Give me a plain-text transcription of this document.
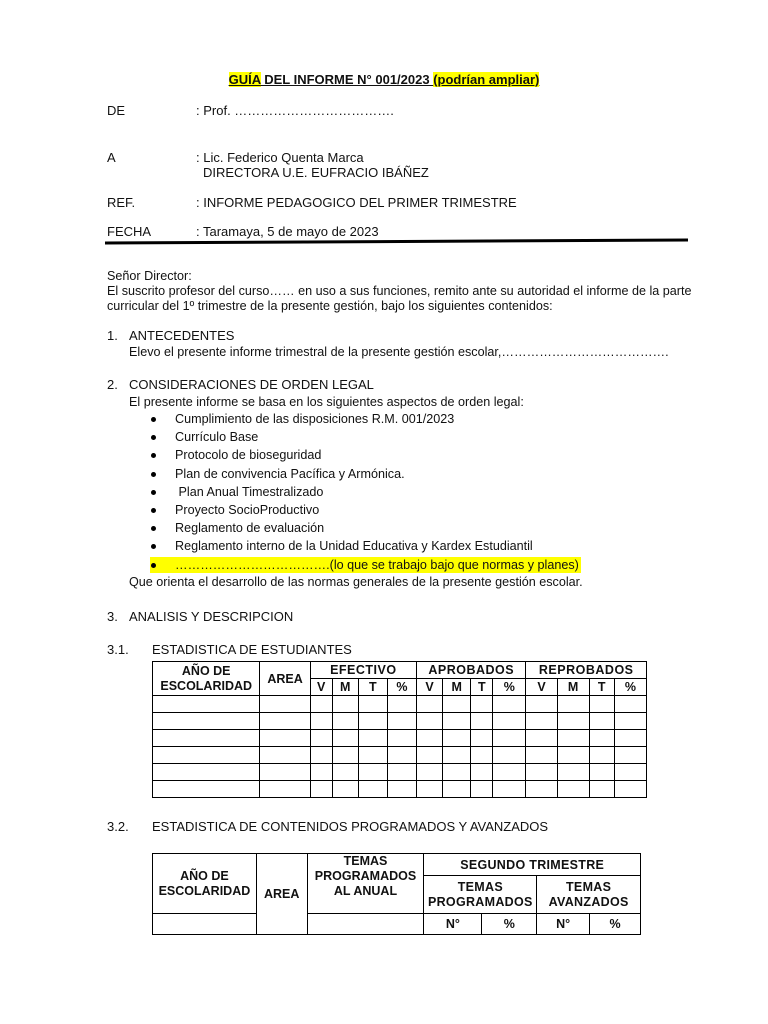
GUÍA DEL INFORME N° 001/2023 (podrían ampliar)
DE	: Prof. ……………………………….
A	: Lic. Federico Quenta Marca
DIRECTORA U.E. EUFRACIO IBÁÑEZ
REF.	: INFORME PEDAGOGICO DEL PRIMER TRIMESTRE
FECHA	: Taramaya, 5 de mayo de 2023
Señor Director:
El suscrito profesor del curso…… en uso a sus funciones, remito ante su autoridad el informe de la parte curricular del 1º trimestre de la presente gestión, bajo los siguientes contenidos:
1. ANTECEDENTES
Elevo el presente informe trimestral de la presente gestión escolar,………………………………….
2. CONSIDERACIONES DE ORDEN LEGAL
El presente informe se basa en los siguientes aspectos de orden legal:
Cumplimiento de las disposiciones R.M. 001/2023
Currículo Base
Protocolo de bioseguridad
Plan de convivencia Pacífica y Armónica.
Plan Anual Timestralizado
Proyecto SocioProductivo
Reglamento de evaluación
Reglamento interno de la Unidad Educativa y Kardex Estudiantil
……………………………….(lo que se trabajo bajo que normas y planes)
Que orienta el desarrollo de las normas generales de la presente gestión escolar.
3. ANALISIS Y DESCRIPCION
3.1. ESTADISTICA DE ESTUDIANTES
AÑO DE ESCOLARIDAD	AREA	EFECTIVO				APROBADOS				REPROBADOS			
		V	M	T	%	V	M	T	%	V	M	T	%

3.2. ESTADISTICA DE CONTENIDOS PROGRAMADOS Y AVANZADOS
AÑO DE ESCOLARIDAD	AREA	TEMAS PROGRAMADOS AL ANUAL	SEGUNDO TRIMESTRE			
			TEMAS PROGRAMADOS		TEMAS AVANZADOS	
			N°	%	N°	%
